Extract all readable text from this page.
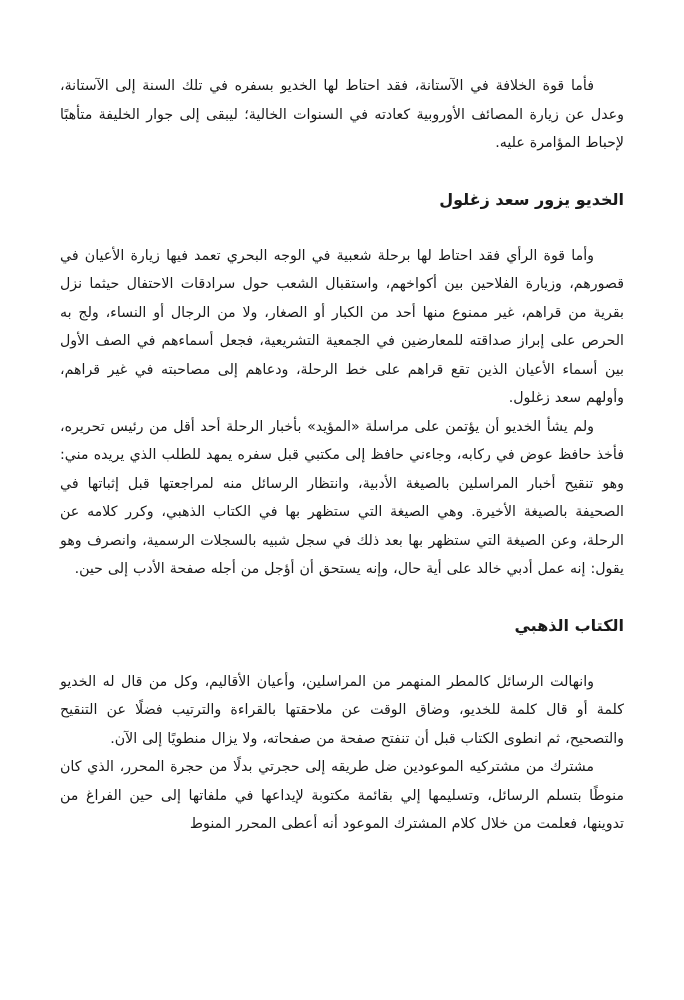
فأما قوة الخلافة في الآستانة، فقد احتاط لها الخديو بسفره في تلك السنة إلى الآستانة، وعدل عن زيارة المصائف الأوروبية كعادته في السنوات الخالية؛ ليبقى إلى جوار الخليفة متأهبًا لإحباط المؤامرة عليه.

الخديو يزور سعد زغلول

وأما قوة الرأي فقد احتاط لها برحلة شعبية في الوجه البحري تعمد فيها زيارة الأعيان في قصورهم، وزيارة الفلاحين بين أكواخهم، واستقبال الشعب حول سرادقات الاحتفال حيثما نزل بقرية من قراهم، غير ممنوع منها أحد من الكبار أو الصغار، ولا من الرجال أو النساء، ولج به الحرص على إبراز صداقته للمعارضين في الجمعية التشريعية، فجعل أسماءهم في الصف الأول بين أسماء الأعيان الذين تقع قراهم على خط الرحلة، ودعاهم إلى مصاحبته في غير قراهم، وأولهم سعد زغلول.

ولم يشأ الخديو أن يؤتمن على مراسلة «المؤيد» بأخبار الرحلة أحد أقل من رئيس تحريره، فأخذ حافظ عوض في ركابه، وجاءني حافظ إلى مكتبي قبل سفره يمهد للطلب الذي يريده مني: وهو تنقيح أخبار المراسلين بالصيغة الأدبية، وانتظار الرسائل منه لمراجعتها قبل إثباتها في الصحيفة بالصيغة الأخيرة. وهي الصيغة التي ستظهر بها في الكتاب الذهبي، وكرر كلامه عن الرحلة، وعن الصيغة التي ستظهر بها بعد ذلك في سجل شبيه بالسجلات الرسمية، وانصرف وهو يقول: إنه عمل أدبي خالد على أية حال، وإنه يستحق أن أؤجل من أجله صفحة الأدب إلى حين.

الكتاب الذهبي

وانهالت الرسائل كالمطر المنهمر من المراسلين، وأعيان الأقاليم، وكل من قال له الخديو كلمة أو قال كلمة للخديو، وضاق الوقت عن ملاحقتها بالقراءة والترتيب فضلًا عن التنقيح والتصحيح، ثم انطوى الكتاب قبل أن تنفتح صفحة من صفحاته، ولا يزال منطويًا إلى الآن.

مشترك من مشتركيه الموعودين ضل طريقه إلى حجرتي بدلًا من حجرة المحرر، الذي كان منوطًا بتسلم الرسائل، وتسليمها إلي بقائمة مكتوبة لإيداعها في ملفاتها إلى حين الفراغ من تدوينها، فعلمت من خلال كلام المشترك الموعود أنه أعطى المحرر المنوط
